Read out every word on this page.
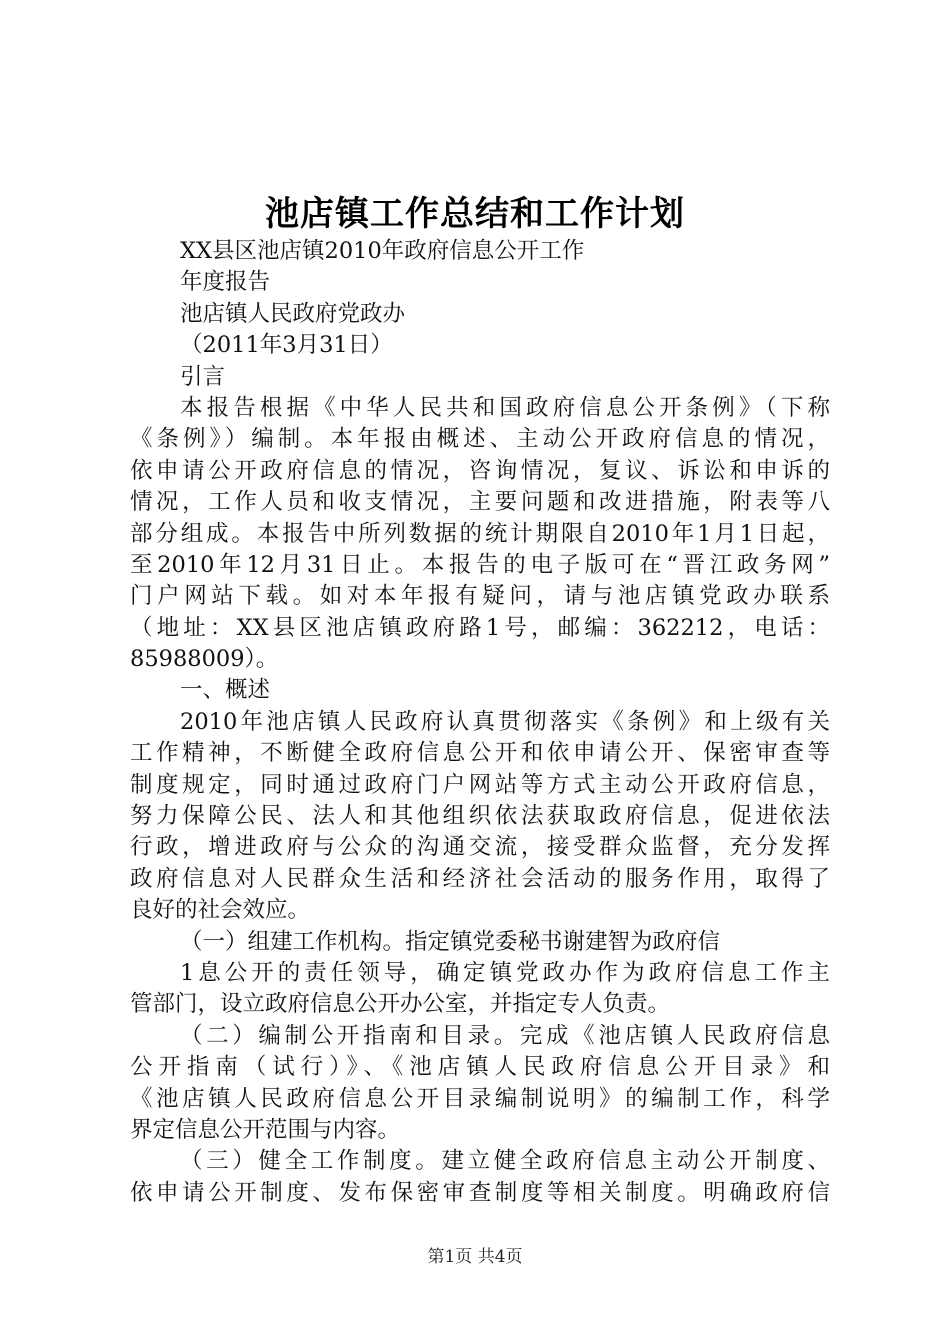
池店镇工作总结和工作计划
XX县区池店镇2010年政府信息公开工作
年度报告
池店镇人民政府党政办
（2011年3月31日）
引言
本报告根据《中华人民共和国政府信息公开条例》（下称
《条例》）编制。本年报由概述、主动公开政府信息的情况，
依申请公开政府信息的情况，咨询情况，复议、诉讼和申诉的
情况，工作人员和收支情况，主要问题和改进措施，附表等八
部分组成。本报告中所列数据的统计期限自2010年1月1日起，
至2010年12月31日止。本报告的电子版可在“晋江政务网”
门户网站下载。如对本年报有疑问，请与池店镇党政办联系
（地址：XX县区池店镇政府路1号，邮编：362212，电话：
85988009）。
一、概述
2010年池店镇人民政府认真贯彻落实《条例》和上级有关
工作精神，不断健全政府信息公开和依申请公开、保密审查等
制度规定，同时通过政府门户网站等方式主动公开政府信息，
努力保障公民、法人和其他组织依法获取政府信息，促进依法
行政，增进政府与公众的沟通交流，接受群众监督，充分发挥
政府信息对人民群众生活和经济社会活动的服务作用，取得了
良好的社会效应。
（一）组建工作机构。指定镇党委秘书谢建智为政府信
1息公开的责任领导，确定镇党政办作为政府信息工作主
管部门，设立政府信息公开办公室，并指定专人负责。
（二）编制公开指南和目录。完成《池店镇人民政府信息
公开指南（试行）》、《池店镇人民政府信息公开目录》和
《池店镇人民政府信息公开目录编制说明》的编制工作，科学
界定信息公开范围与内容。
（三）健全工作制度。建立健全政府信息主动公开制度、
依申请公开制度、发布保密审查制度等相关制度。明确政府信
第1页 共4页
